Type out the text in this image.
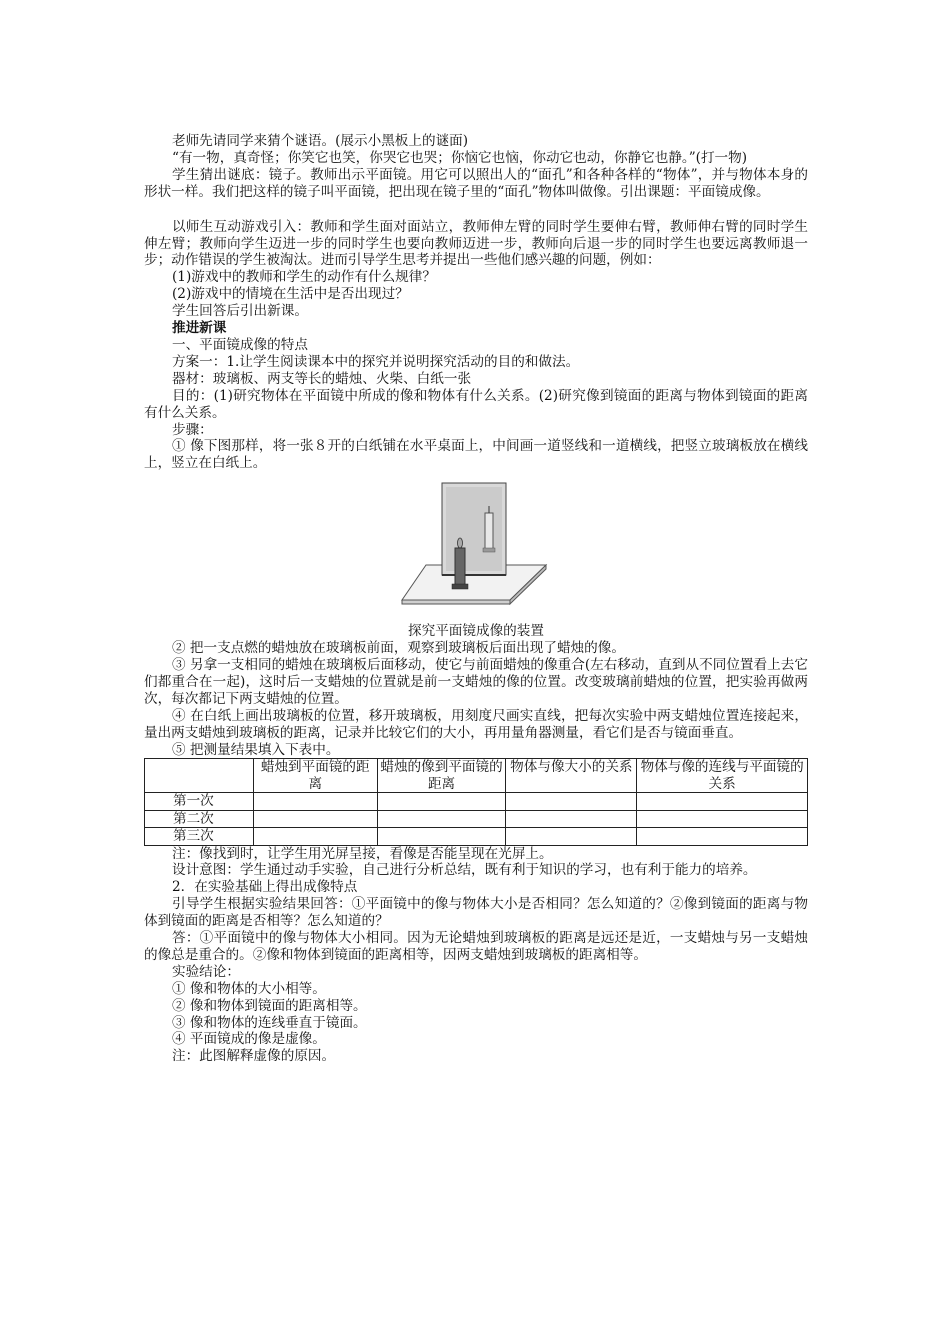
老师先请同学来猜个谜语。(展示小黑板上的谜面)

“有一物，真奇怪；你笑它也笑，你哭它也哭；你恼它也恼，你动它也动，你静它也静。”(打一物)

学生猜出谜底：镜子。教师出示平面镜。用它可以照出人的“面孔”和各种各样的“物体”，并与物体本身的形状一样。我们把这样的镜子叫平面镜，把出现在镜子里的“面孔”物体叫做像。引出课题：平面镜成像。

以师生互动游戏引入：教师和学生面对面站立，教师伸左臂的同时学生要伸右臂，教师伸右臂的同时学生伸左臂；教师向学生迈进一步的同时学生也要向教师迈进一步，教师向后退一步的同时学生也要远离教师退一步；动作错误的学生被淘汰。进而引导学生思考并提出一些他们感兴趣的问题，例如：

(1)游戏中的教师和学生的动作有什么规律？

(2)游戏中的情境在生活中是否出现过？

学生回答后引出新课。

推进新课

一、平面镜成像的特点

方案一：1.让学生阅读课本中的探究并说明探究活动的目的和做法。

器材：玻璃板、两支等长的蜡烛、火柴、白纸一张

目的：(1)研究物体在平面镜中所成的像和物体有什么关系。(2)研究像到镜面的距离与物体到镜面的距离有什么关系。

步骤：

① 像下图那样，将一张８开的白纸铺在水平桌面上，中间画一道竖线和一道横线，把竖立玻璃板放在横线上，竖立在白纸上。

探究平面镜成像的装置

② 把一支点燃的蜡烛放在玻璃板前面，观察到玻璃板后面出现了蜡烛的像。

③ 另拿一支相同的蜡烛在玻璃板后面移动，使它与前面蜡烛的像重合(左右移动，直到从不同位置看上去它们都重合在一起)，这时后一支蜡烛的位置就是前一支蜡烛的像的位置。改变玻璃前蜡烛的位置，把实验再做两次，每次都记下两支蜡烛的位置。

④ 在白纸上画出玻璃板的位置，移开玻璃板，用刻度尺画实直线，把每次实验中两支蜡烛位置连接起来，量出两支蜡烛到玻璃板的距离，记录并比较它们的大小，再用量角器测量，看它们是否与镜面垂直。

⑤ 把测量结果填入下表中。

	蜡烛到平面镜的距离	蜡烛的像到平面镜的距离	物体与像大小的关系	物体与像的连线与平面镜的关系
第一次				
第二次				
第三次				

注：像找到时，让学生用光屏呈接，看像是否能呈现在光屏上。

设计意图：学生通过动手实验，自己进行分析总结，既有利于知识的学习，也有利于能力的培养。

2．在实验基础上得出成像特点

引导学生根据实验结果回答：①平面镜中的像与物体大小是否相同？怎么知道的？②像到镜面的距离与物体到镜面的距离是否相等？怎么知道的？

答：①平面镜中的像与物体大小相同。因为无论蜡烛到玻璃板的距离是远还是近，一支蜡烛与另一支蜡烛的像总是重合的。②像和物体到镜面的距离相等，因两支蜡烛到玻璃板的距离相等。

实验结论：

① 像和物体的大小相等。

② 像和物体到镜面的距离相等。

③ 像和物体的连线垂直于镜面。

④ 平面镜成的像是虚像。

注：此图解释虚像的原因。
